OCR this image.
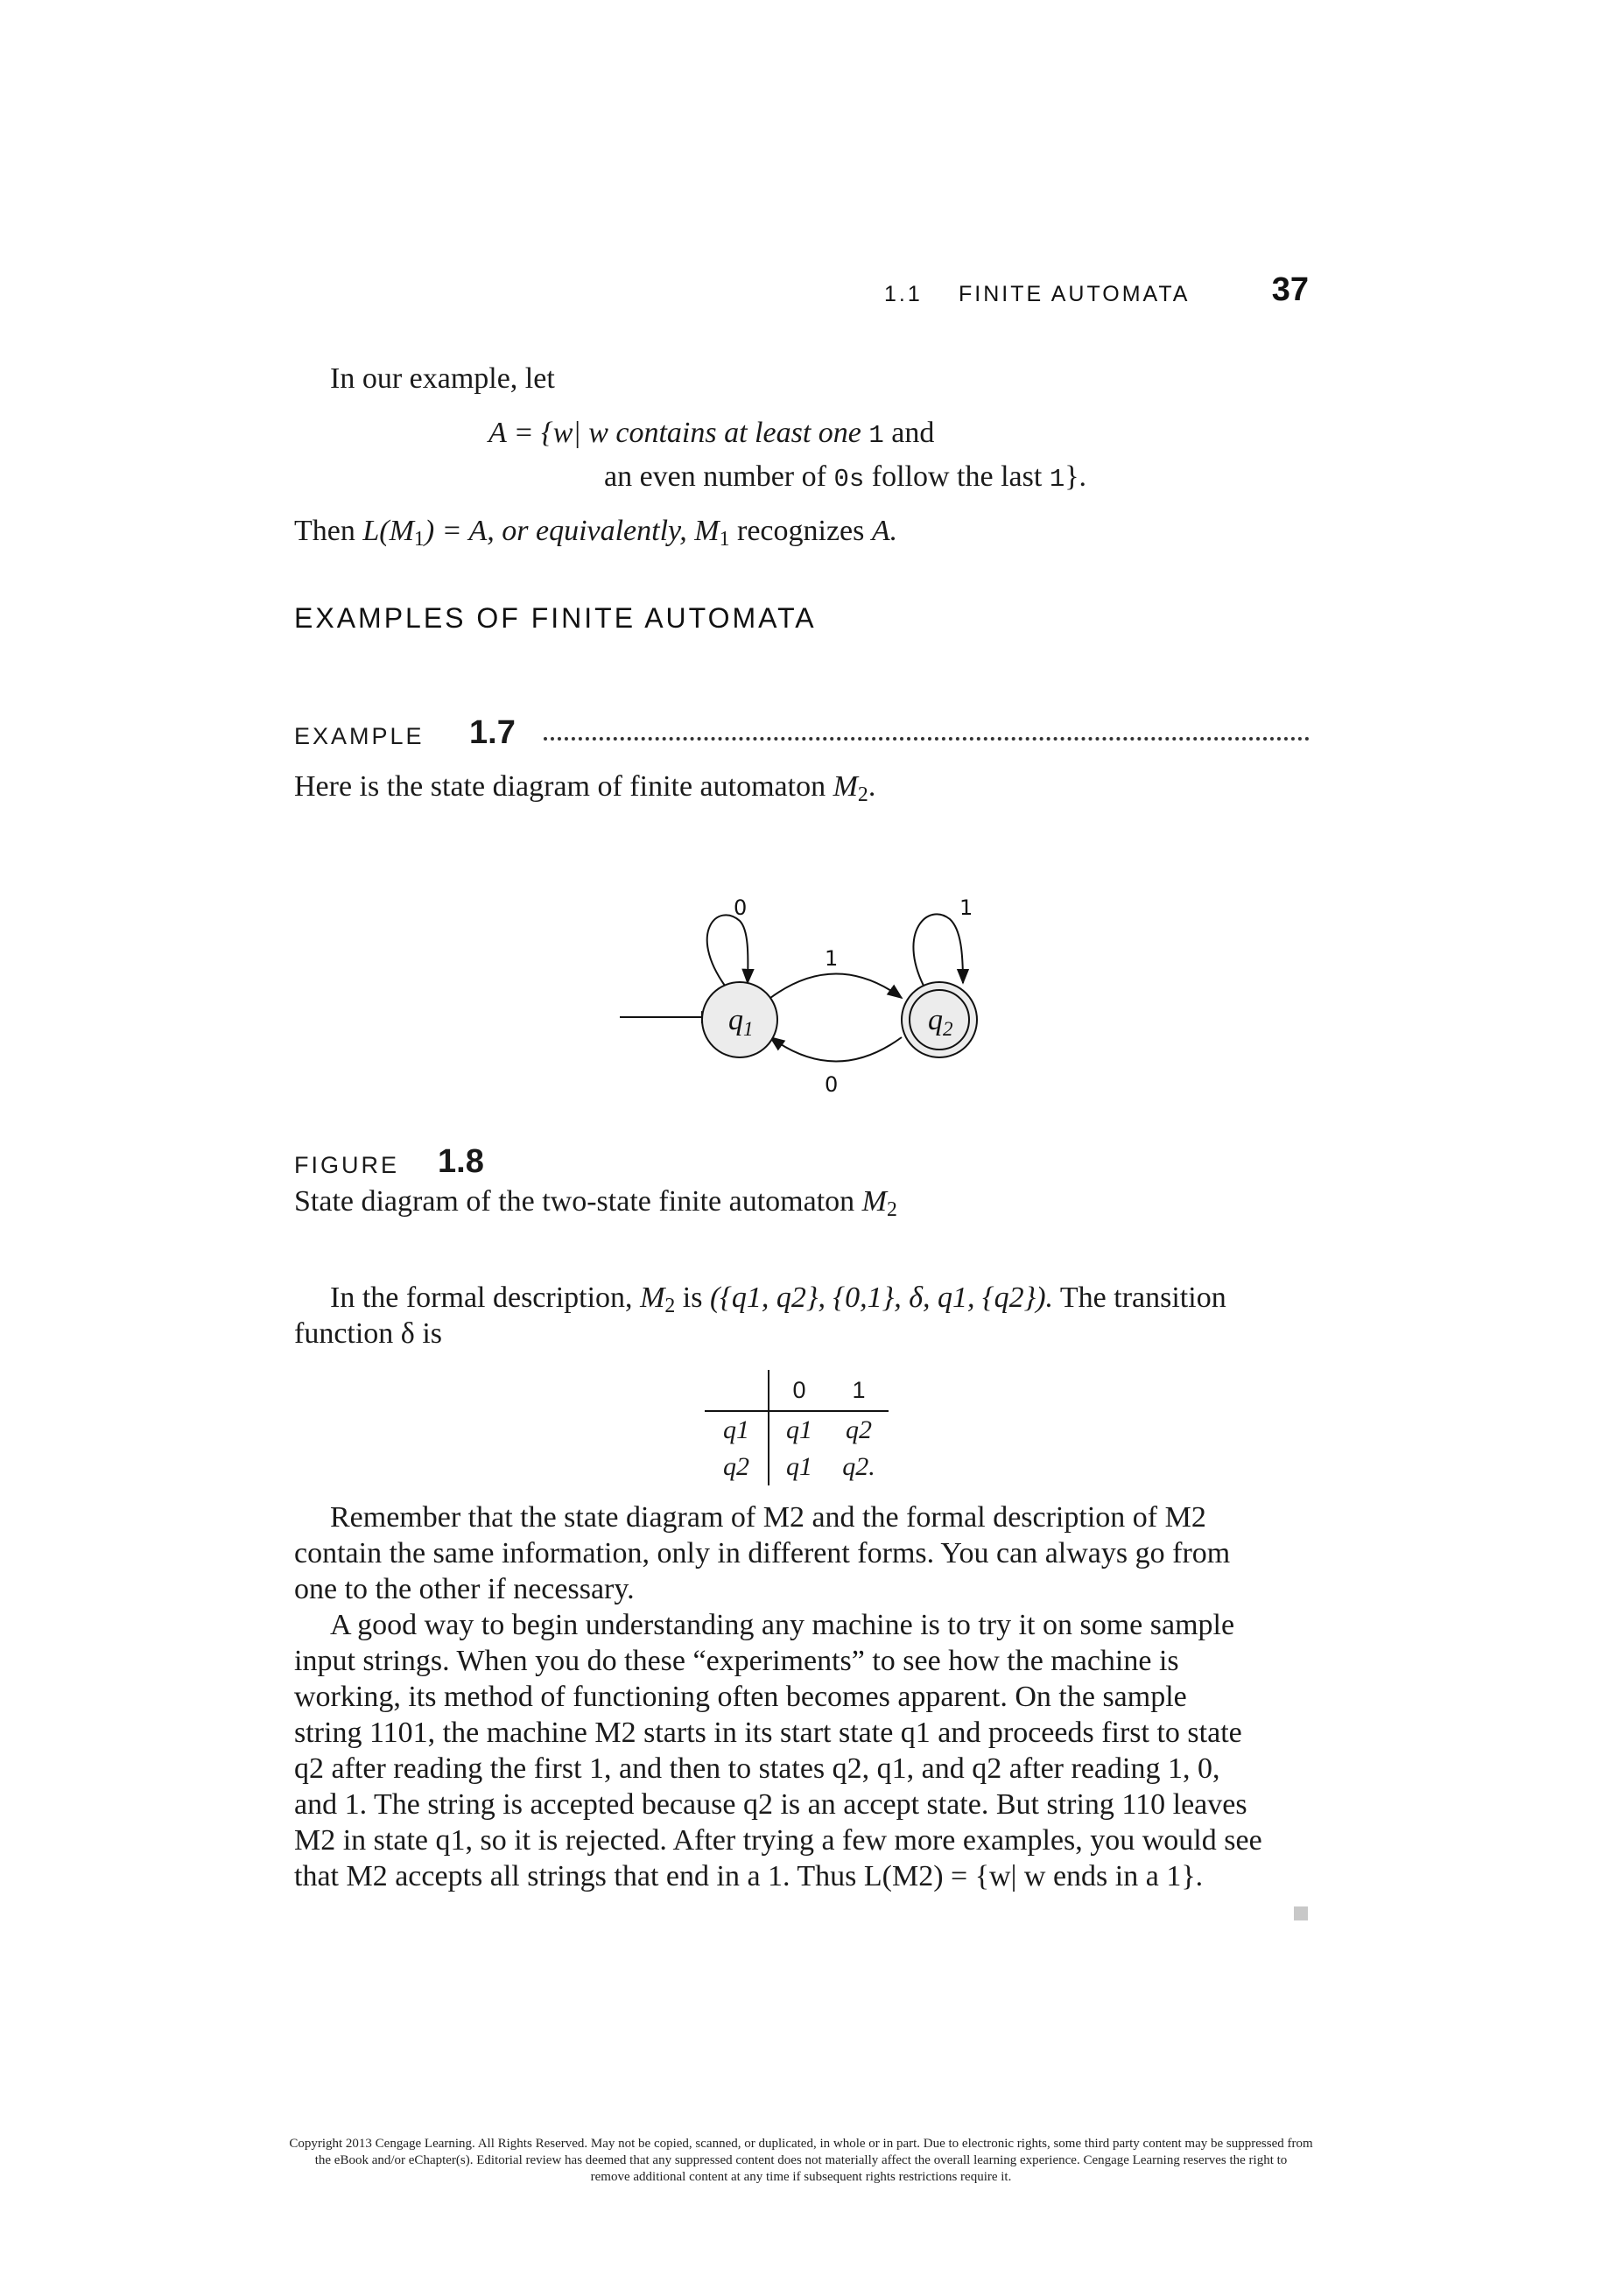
1.1 FINITE AUTOMATA 37
In our example, let
A = {w| w contains at least one 1 and
an even number of 0s follow the last 1}.
Then $L(M_1) = A$, or equivalently, $M_1$ recognizes A.
EXAMPLES OF FINITE AUTOMATA
EXAMPLE 1.7
Here is the state diagram of finite automaton $M_2$.
$q_1$	$q_2$
0	1
1
0
FIGURE 1.8
State diagram of the two-state finite automaton $M_2$
In the formal description, $M_2$ is ({q1, q2}, {0,1}, δ, q1, {q2}). The transition
function δ is
	0	1
q1	q1	q2
q2	q1	q2.
Remember that the state diagram of M2 and the formal description of M2
contain the same information, only in different forms. You can always go from
one to the other if necessary.
A good way to begin understanding any machine is to try it on some sample
input strings. When you do these “experiments” to see how the machine is
working, its method of functioning often becomes apparent. On the sample
string 1101, the machine M2 starts in its start state q1 and proceeds first to state
q2 after reading the first 1, and then to states q2, q1, and q2 after reading 1, 0,
and 1. The string is accepted because q2 is an accept state. But string 110 leaves
M2 in state q1, so it is rejected. After trying a few more examples, you would see
that M2 accepts all strings that end in a 1. Thus L(M2) = {w| w ends in a 1}.
Copyright 2013 Cengage Learning. All Rights Reserved. May not be copied, scanned, or duplicated, in whole or in part. Due to electronic rights, some third party content may be suppressed from
the eBook and/or eChapter(s). Editorial review has deemed that any suppressed content does not materially affect the overall learning experience. Cengage Learning reserves the right to
remove additional content at any time if subsequent rights restrictions require it.
